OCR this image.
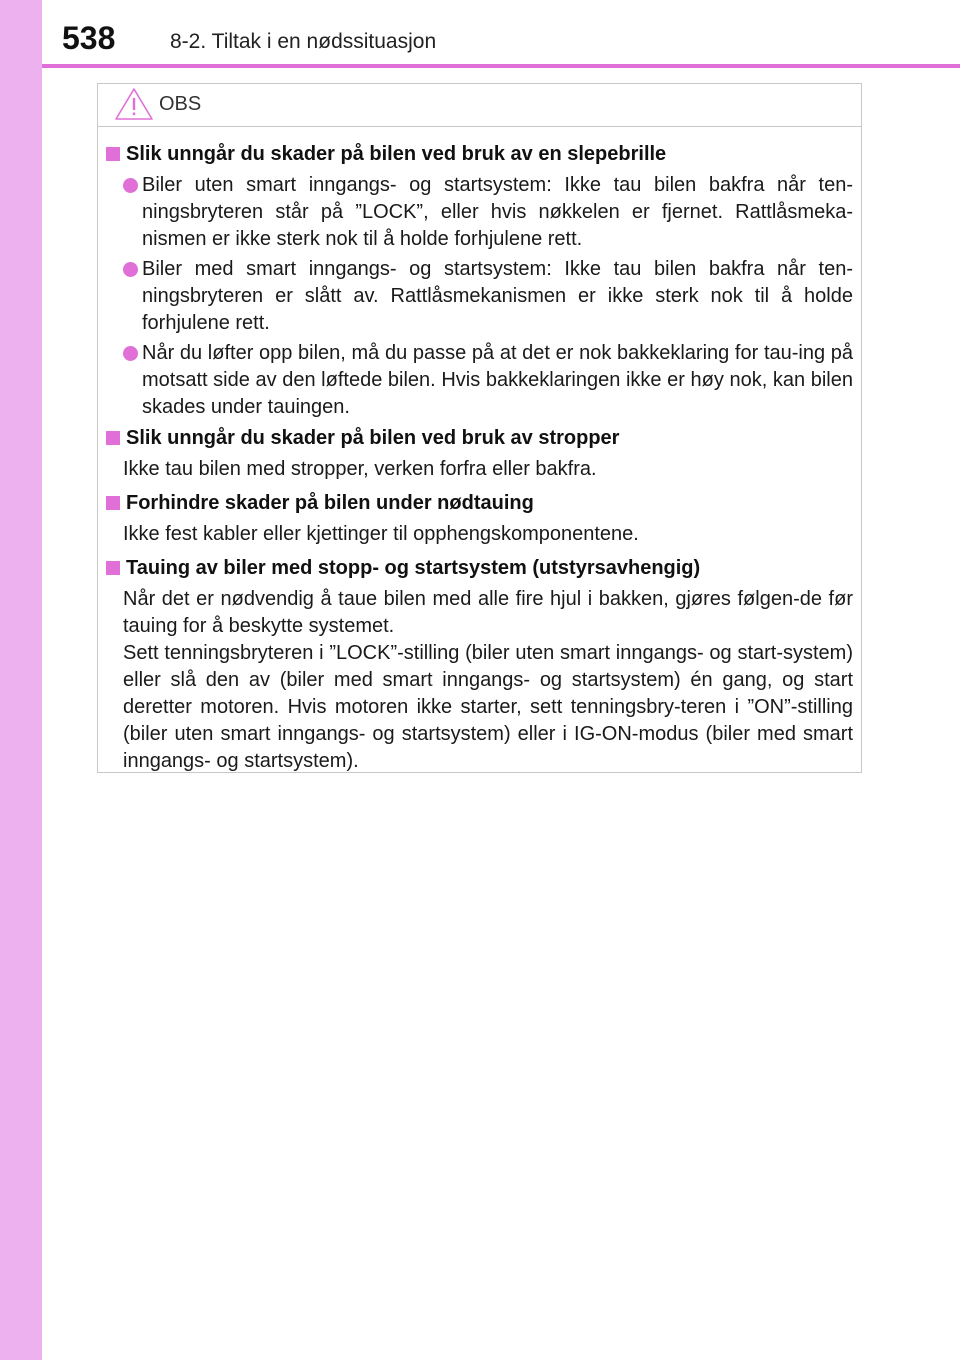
538	8-2. Tiltak i en nødssituasjon
OBS
Slik unngår du skader på bilen ved bruk av en slepebrille
Biler uten smart inngangs- og startsystem: Ikke tau bilen bakfra når ten-ningsbryteren står på ”LOCK”, eller hvis nøkkelen er fjernet. Rattlåsmeka-nismen er ikke sterk nok til å holde forhjulene rett.
Biler med smart inngangs- og startsystem: Ikke tau bilen bakfra når ten-ningsbryteren er slått av. Rattlåsmekanismen er ikke sterk nok til å holde forhjulene rett.
Når du løfter opp bilen, må du passe på at det er nok bakkeklaring for tau-ing på motsatt side av den løftede bilen. Hvis bakkeklaringen ikke er høy nok, kan bilen skades under tauingen.
Slik unngår du skader på bilen ved bruk av stropper
Ikke tau bilen med stropper, verken forfra eller bakfra.
Forhindre skader på bilen under nødtauing
Ikke fest kabler eller kjettinger til opphengskomponentene.
Tauing av biler med stopp- og startsystem (utstyrsavhengig)
Når det er nødvendig å taue bilen med alle fire hjul i bakken, gjøres følgen-de før tauing for å beskytte systemet.
Sett tenningsbryteren i ”LOCK”-stilling (biler uten smart inngangs- og start-system) eller slå den av (biler med smart inngangs- og startsystem) én gang, og start deretter motoren. Hvis motoren ikke starter, sett tenningsbry-teren i ”ON”-stilling (biler uten smart inngangs- og startsystem) eller i IG-ON-modus (biler med smart inngangs- og startsystem).
